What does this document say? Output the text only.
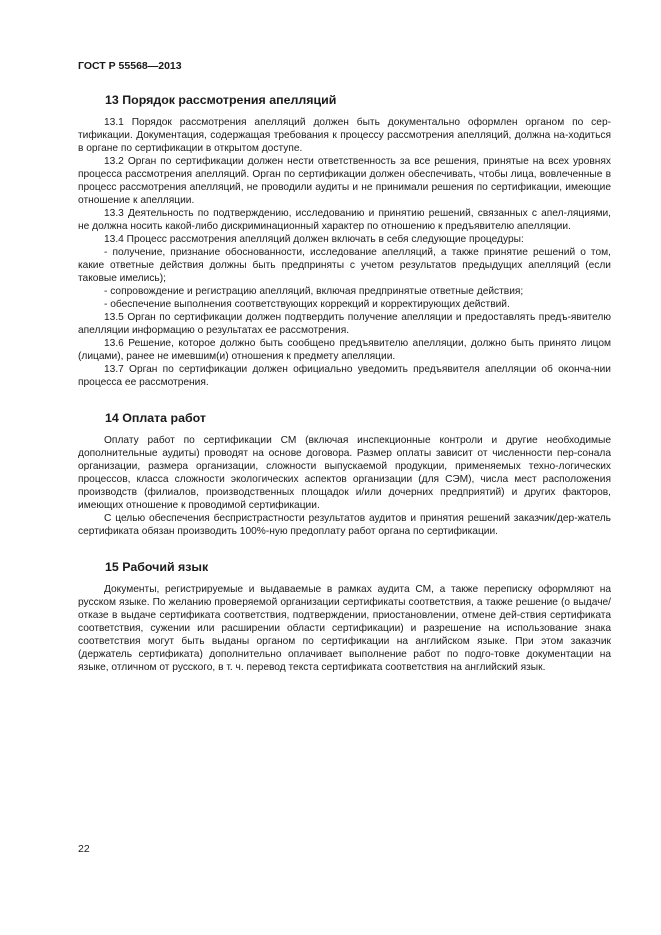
ГОСТ Р 55568—2013
13 Порядок рассмотрения апелляций

13.1 Порядок рассмотрения апелляций должен быть документально оформлен органом по сер-тификации. Документация, содержащая требования к процессу рассмотрения апелляций, должна на-ходиться в органе по сертификации в открытом доступе.

13.2 Орган по сертификации должен нести ответственность за все решения, принятые на всех уровнях процесса рассмотрения апелляций. Орган по сертификации должен обеспечивать, чтобы лица, вовлеченные в процесс рассмотрения апелляций, не проводили аудиты и не принимали решения по сертификации, имеющие отношение к апелляции.

13.3 Деятельность по подтверждению, исследованию и принятию решений, связанных с апел-ляциями, не должна носить какой-либо дискриминационный характер по отношению к предъявителю апелляции.

13.4 Процесс рассмотрения апелляций должен включать в себя следующие процедуры:

- получение, признание обоснованности, исследование апелляций, а также принятие решений о том, какие ответные действия должны быть предприняты с учетом результатов предыдущих апелляций (если таковые имелись);

- сопровождение и регистрацию апелляций, включая предпринятые ответные действия;

- обеспечение выполнения соответствующих коррекций и корректирующих действий.

13.5 Орган по сертификации должен подтвердить получение апелляции и предоставлять предъ-явителю апелляции информацию о результатах ее рассмотрения.

13.6 Решение, которое должно быть сообщено предъявителю апелляции, должно быть принято лицом (лицами), ранее не имевшим(и) отношения к предмету апелляции.

13.7 Орган по сертификации должен официально уведомить предъявителя апелляции об оконча-нии процесса ее рассмотрения.

14 Оплата работ

Оплату работ по сертификации СМ (включая инспекционные контроли и другие необходимые дополнительные аудиты) проводят на основе договора. Размер оплаты зависит от численности пер-сонала организации, размера организации, сложности выпускаемой продукции, применяемых техно-логических процессов, класса сложности экологических аспектов организации (для СЭМ), числа мест расположения производств (филиалов, производственных площадок и/или дочерних предприятий) и других факторов, имеющих отношение к проводимой сертификации.

С целью обеспечения беспристрастности результатов аудитов и принятия решений заказчик/дер-жатель сертификата обязан производить 100%-ную предоплату работ органа по сертификации.

15 Рабочий язык

Документы, регистрируемые и выдаваемые в рамках аудита СМ, а также переписку оформляют на русском языке. По желанию проверяемой организации сертификаты соответствия, а также решение (о выдаче/отказе в выдаче сертификата соответствия, подтверждении, приостановлении, отмене дей-ствия сертификата соответствия, сужении или расширении области сертификации) и разрешение на использование знака соответствия могут быть выданы органом по сертификации на английском языке. При этом заказчик (держатель сертификата) дополнительно оплачивает выполнение работ по подго-товке документации на языке, отличном от русского, в т. ч. перевод текста сертификата соответствия на английский язык.

22
